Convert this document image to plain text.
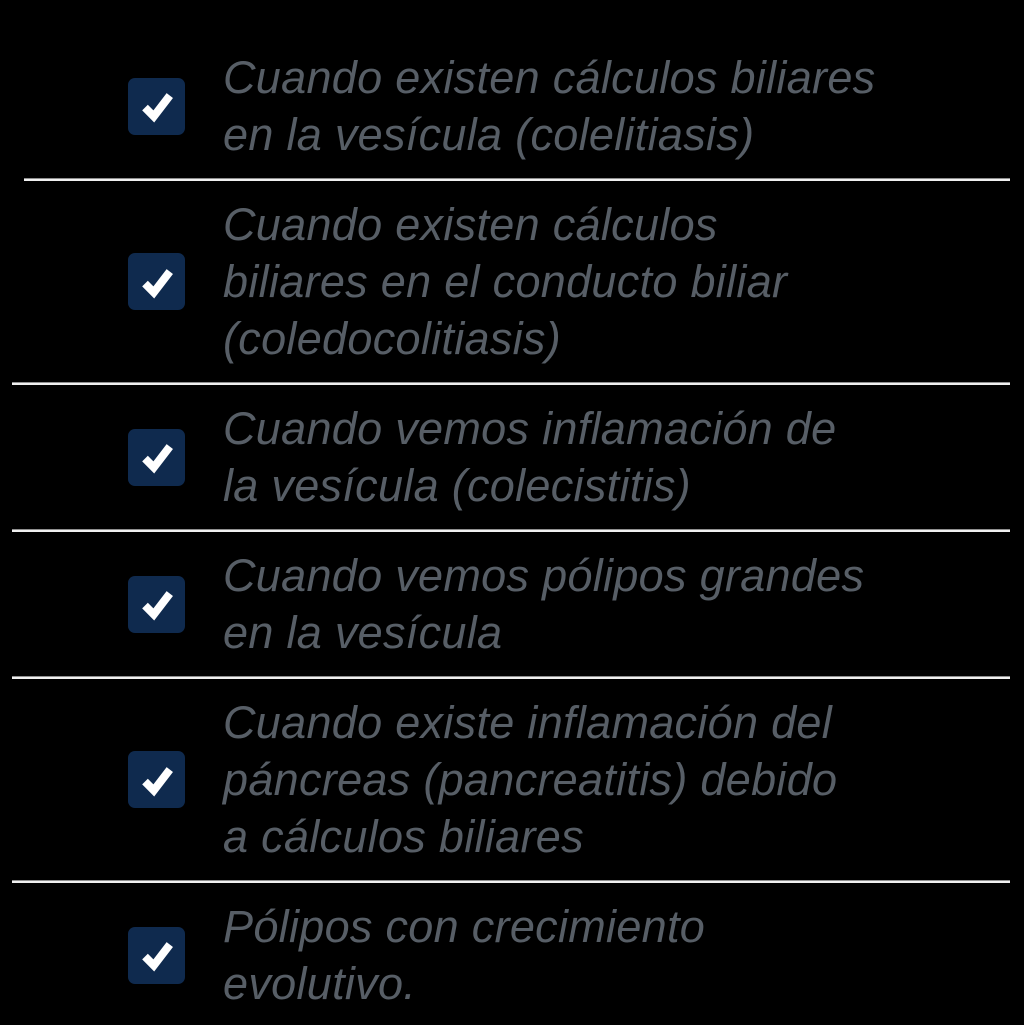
Cuando existen cálculos biliares
en la vesícula (colelitiasis)
Cuando existen cálculos
biliares en el conducto biliar
(coledocolitiasis)
Cuando vemos inflamación de
la vesícula (colecistitis)
Cuando vemos pólipos grandes
en la vesícula
Cuando existe inflamación del
páncreas (pancreatitis) debido
a cálculos biliares
Pólipos con crecimiento
evolutivo.
